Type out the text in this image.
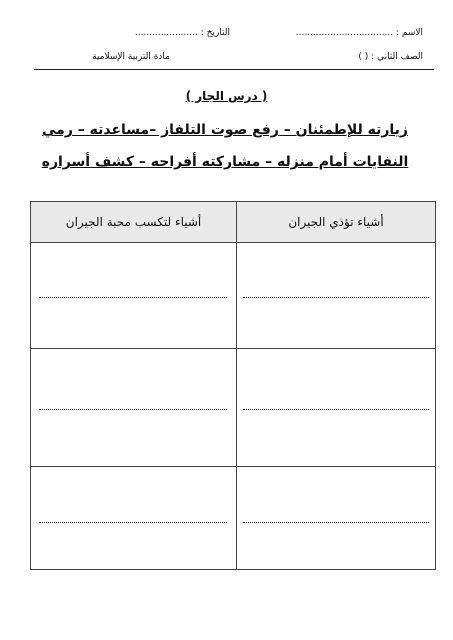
الاسم : ..................................
التاريخ : ......................
الصف الثاني : ( )
مادة التربية الإسلامية
( درس الجار )
زيارته للإطمئنان – رفع صوت التلفاز –مساعدته – رمي
النفايات أمام منزله – مشاركته أفراحه – كشف أسراره
أشياء تؤذي الجيران
أشياء لتكسب محبة الجيران
